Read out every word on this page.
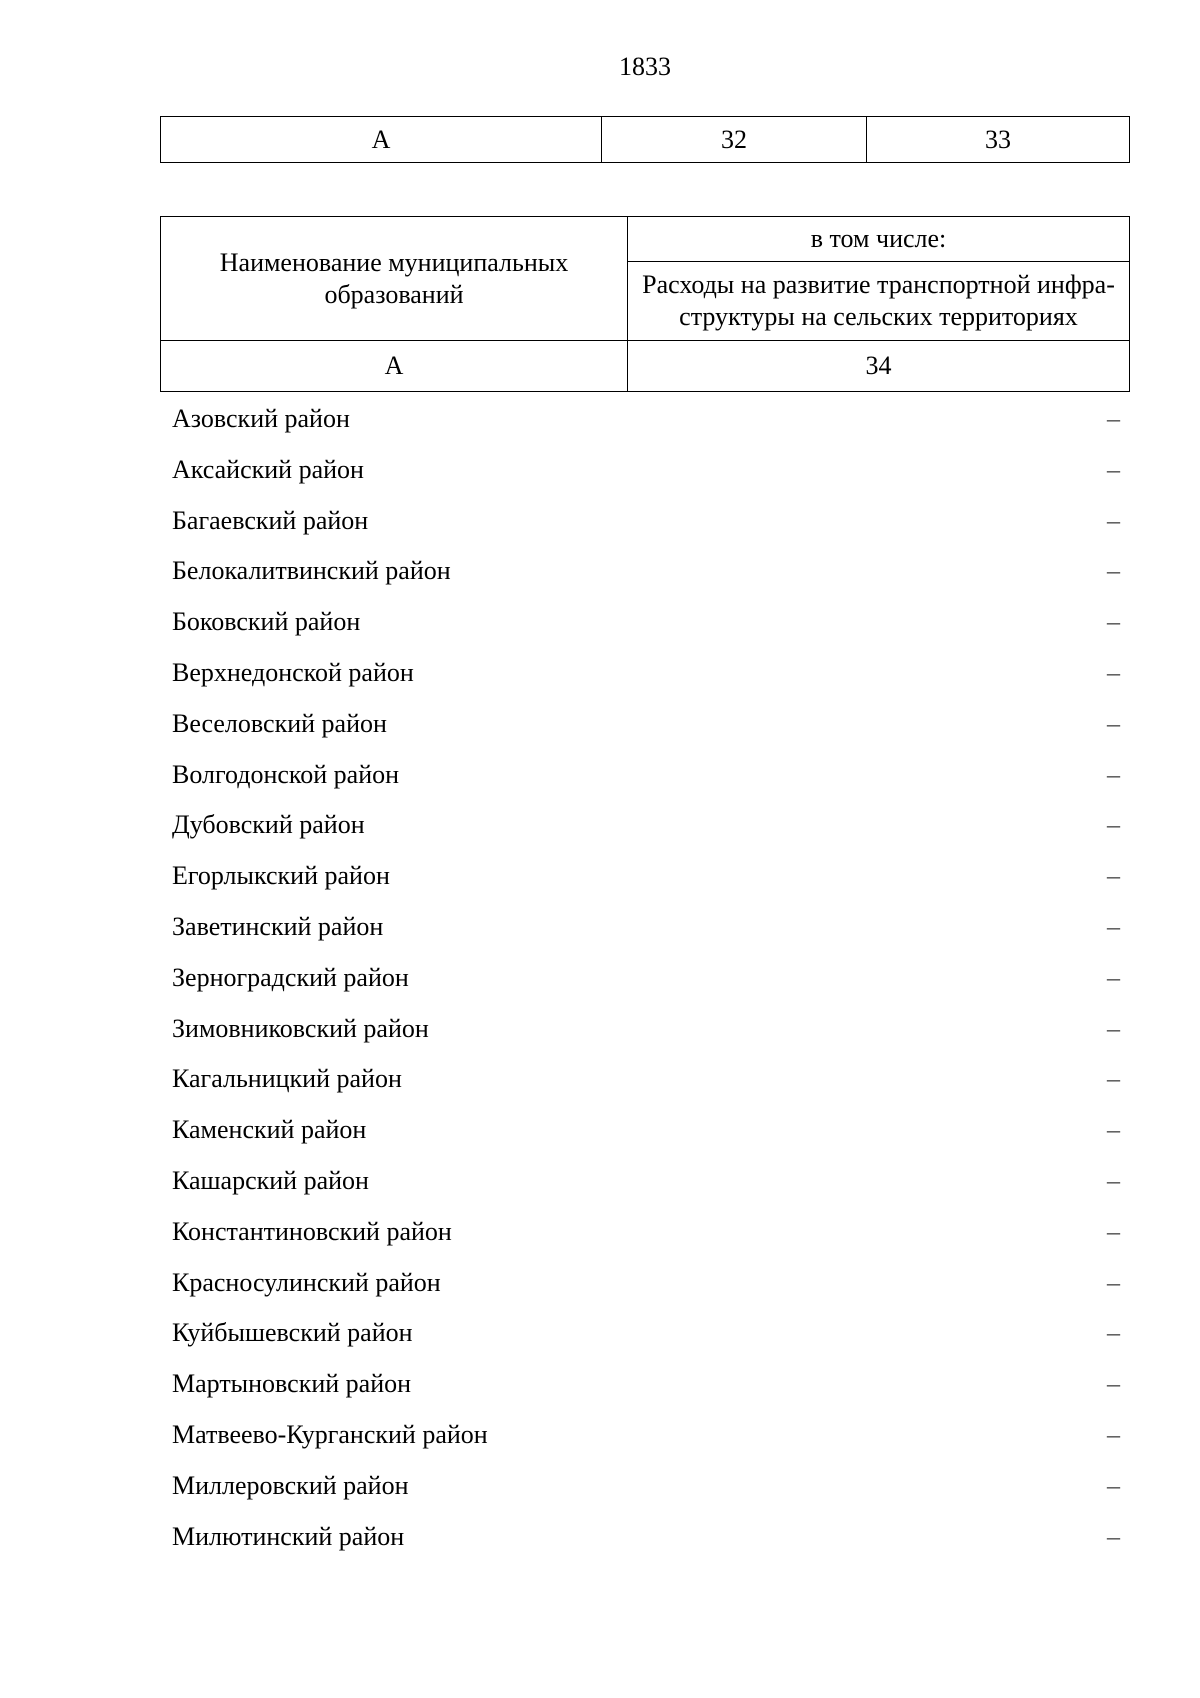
1833
А	32	33
Наименование муниципальных образований	в том числе:
	Расходы на развитие транспортной инфра-структуры на сельских территориях
А	34
Азовский район	–
Аксайский район	–
Багаевский район	–
Белокалитвинский район	–
Боковский район	–
Верхнедонской район	–
Веселовский район	–
Волгодонской район	–
Дубовский район	–
Егорлыкский район	–
Заветинский район	–
Зерноградский район	–
Зимовниковский район	–
Кагальницкий район	–
Каменский район	–
Кашарский район	–
Константиновский район	–
Красносулинский район	–
Куйбышевский район	–
Мартыновский район	–
Матвеево-Курганский район	–
Миллеровский район	–
Милютинский район	–
